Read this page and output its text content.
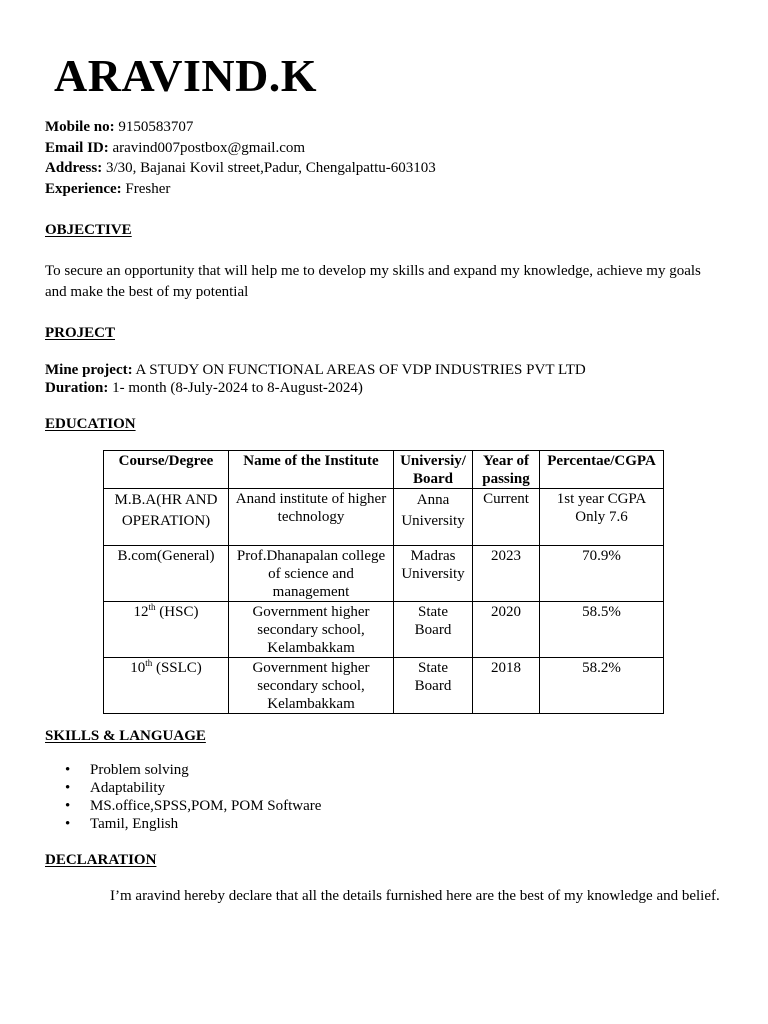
ARAVIND.K
Mobile no: 9150583707
Email ID: aravind007postbox@gmail.com
Address: 3/30, Bajanai Kovil street,Padur, Chengalpattu-603103
Experience: Fresher
OBJECTIVE
To secure an opportunity that will help me to develop my skills and expand my knowledge, achieve my goals and make the best of my potential
PROJECT
Mine project: A STUDY ON FUNCTIONAL AREAS OF VDP INDUSTRIES PVT LTD
Duration: 1- month (8-July-2024 to 8-August-2024)
EDUCATION
Course/Degree	Name of the Institute	Universiy/ Board	Year of passing	Percentae/CGPA
M.B.A(HR AND OPERATION)	Anand institute of higher technology	Anna University	Current	1st year CGPA Only 7.6
B.com(General)	Prof.Dhanapalan college of science and management	Madras University	2023	70.9%
12th (HSC)	Government higher secondary school, Kelambakkam	State Board	2020	58.5%
10th (SSLC)	Government higher secondary school, Kelambakkam	State Board	2018	58.2%
SKILLS & LANGUAGE
• Problem solving
• Adaptability
• MS.office,SPSS,POM, POM Software
• Tamil, English
DECLARATION
I’m aravind hereby declare that all the details furnished here are the best of my knowledge and belief.
